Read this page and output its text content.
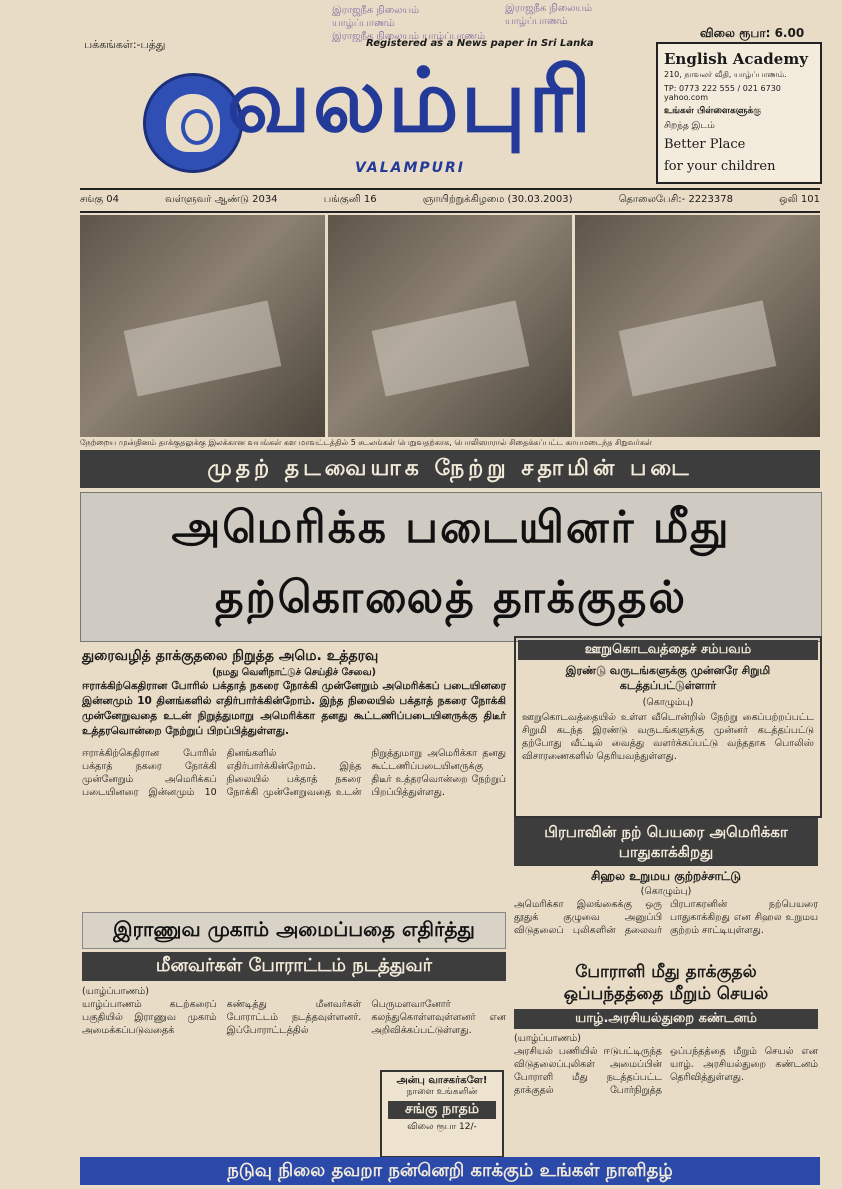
இராஜநீக நிலையம்
யாழ்ப்பாணம்
இராஜநீக நிலையம் யாழ்ப்பாணம்
இராஜநீக நிலையம்
யாழ்ப்பாணம்
பக்கங்கள்:-பத்து	Registered as a News paper in Sri Lanka
விலை ரூபா: 6.00
வலம்புரி
VALAMPURI
English Academy
210, நாவலர் வீதி, யாழ்ப்பாணம்.
TP: 0773 222 555 / 021 6730 yahoo.com
உங்கள் பிள்ளைகளுக்கு
சிறந்த இடம்
Better Place
for your children
சங்கு 04	வள்ளுவர் ஆண்டு 2034	பங்குனி 16	ஞாயிற்றுக்கிழமை (30.03.2003)	தொலைபேசி:- 2223378	ஒலி 101
நேற்றைய முன்தினம் தாக்குதலுக்கு இலக்கான வயங்கள் கள மாவட்டத்தில் 5 சடலங்கள் பெறுவதற்காக, பொலிஸாரால் சிதைக்கப்பட்ட காயமடைந்த சிறுவர்கள்
முதற் தடவையாக நேற்று சதாமின் படை
அமெரிக்க படையினர் மீது
தற்கொலைத் தாக்குதல்
துரைவழித் தாக்குதலை நிறுத்த அமெ. உத்தரவு
(நமது வெளிநாட்டுச் செய்திச் சேவை)
ஈராக்கிற்கெதிரான போரில் பக்தாத் நகரை நோக்கி முன்னேறும் அமெரிக்கப் படையினரை இன்னமும் 10 தினங்களில் எதிர்பார்க்கின்றோம். இந்த நிலையில் பக்தாத் நகரை நோக்கி முன்னேறுவதை உடன் நிறுத்துமாறு அமெரிக்கா தனது கூட்டணிப்படையினருக்கு திடீர் உத்தரவொன்றை நேற்றுப் பிறப்பித்துள்ளது.
ஈராக்கிற்கெதிரான போரில் பக்தாத் நகரை நோக்கி முன்னேறும் அமெரிக்கப் படையினரை இன்னமும் 10 தினங்களில் எதிர்பார்க்கின்றோம். இந்த நிலையில் பக்தாத் நகரை நோக்கி முன்னேறுவதை உடன் நிறுத்துமாறு அமெரிக்கா தனது கூட்டணிப்படையினருக்கு திடீர் உத்தரவொன்றை நேற்றுப் பிறப்பித்துள்ளது.
ஊறுகொடவத்தைச் சம்பவம்
இரண்டு வருடங்களுக்கு முன்னரே சிறுமி கடத்தப்பட்டுள்ளார்
(கொழும்பு)
ஊறுகொடவத்தையில் உள்ள வீடொன்றில் நேற்று கைப்பற்றப்பட்ட சிறுமி கடந்த இரண்டு வருடங்களுக்கு முன்னர் கடத்தப்பட்டு தற்போது வீட்டில் வைத்து வளர்க்கப்பட்டு வந்ததாக பொலிஸ் விசாரணைகளில் தெரியவந்துள்ளது.
பிரபாவின் நற் பெயரை அமெரிக்கா பாதுகாக்கிறது
சிஹல உறுமய குற்றச்சாட்டு
(கொழும்பு)
அமெரிக்கா இலங்கைக்கு ஒரு தூதுக் குழுவை அனுப்பி விடுதலைப் புலிகளின் தலைவர் பிரபாகரனின் நற்பெயரை பாதுகாக்கிறது என சிஹல உறுமய குற்றம் சாட்டியுள்ளது.
இராணுவ முகாம் அமைப்பதை எதிர்த்து
மீனவர்கள் போராட்டம் நடத்துவர்
(யாழ்ப்பாணம்)
யாழ்ப்பாணம் கடற்கரைப் பகுதியில் இராணுவ முகாம் அமைக்கப்படுவதைக் கண்டித்து மீனவர்கள் போராட்டம் நடத்தவுள்ளனர். இப்போராட்டத்தில் பெருமளவானோர் கலந்துகொள்ளவுள்ளனர் என அறிவிக்கப்பட்டுள்ளது.
போராளி மீது தாக்குதல்
ஒப்பந்தத்தை மீறும் செயல்
யாழ்.அரசியல்துறை கண்டனம்
(யாழ்ப்பாணம்)
அரசியல் பணியில் ஈடுபட்டிருந்த விடுதலைப்புலிகள் அமைப்பின் போராளி மீது நடத்தப்பட்ட தாக்குதல் போர்நிறுத்த ஒப்பந்தத்தை மீறும் செயல் என யாழ். அரசியல்துறை கண்டனம் தெரிவித்துள்ளது.
அன்பு வாசகர்களே!
நாளை உங்களின்
சங்கு நாதம்
விலை ரூபா 12/-
நடுவு நிலை தவறா நன்னெறி காக்கும் உங்கள் நாளிதழ்
